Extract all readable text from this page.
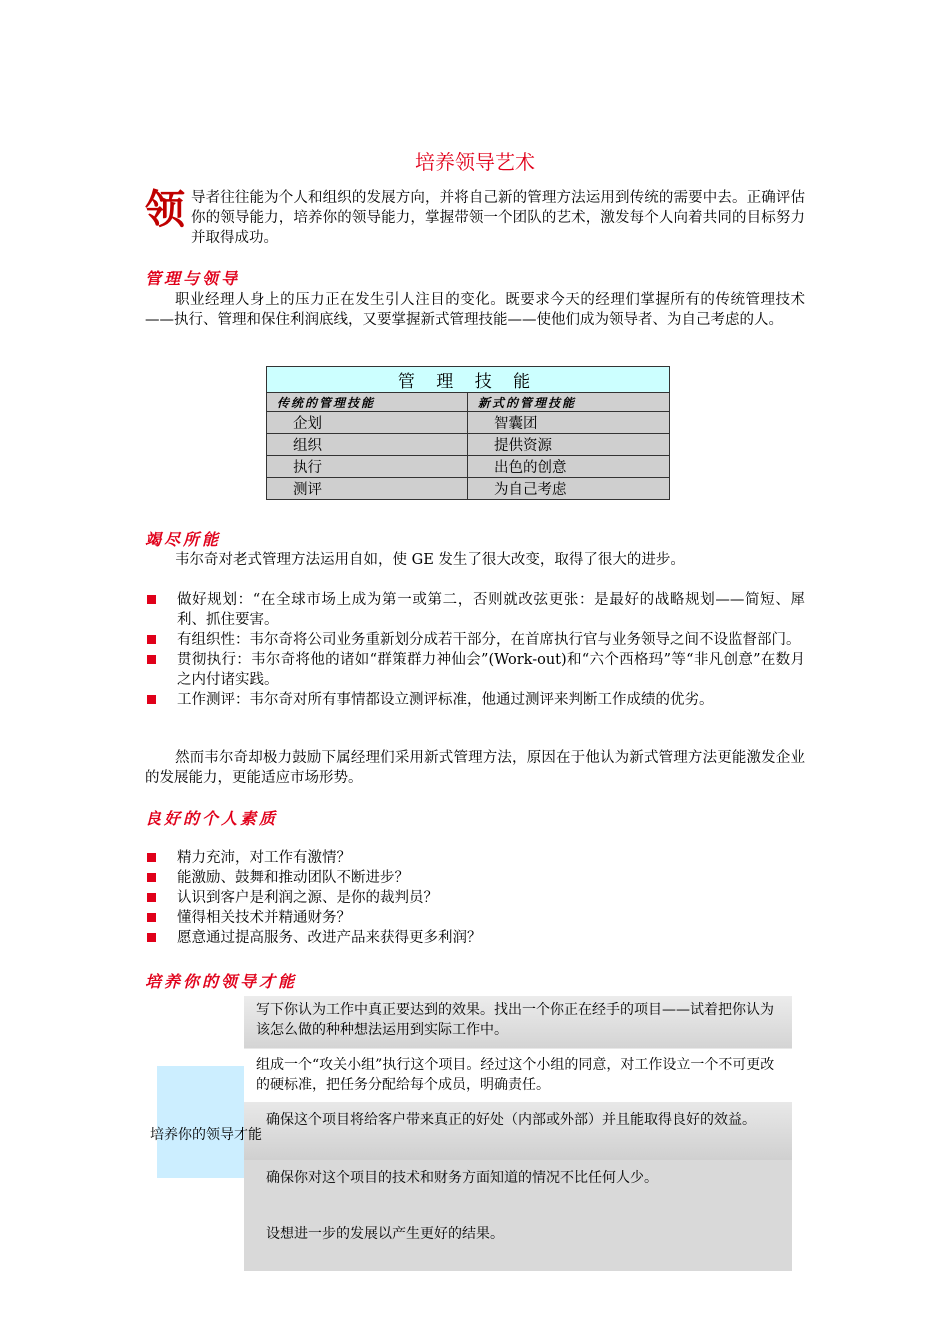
培养领导艺术
领 导者往往能为个人和组织的发展方向，并将自己新的管理方法运用到传统的需要中去。正确评估你的领导能力，培养你的领导能力，掌握带领一个团队的艺术，激发每个人向着共同的目标努力并取得成功。
管理与领导
职业经理人身上的压力正在发生引人注目的变化。既要求今天的经理们掌握所有的传统管理技术——执行、管理和保住利润底线，又要掌握新式管理技能——使他们成为领导者、为自己考虑的人。
管 理 技 能	
传统的管理技能	新式的管理技能
企划	智囊团
组织	提供资源
执行	出色的创意
测评	为自己考虑
竭尽所能
韦尔奇对老式管理方法运用自如，使 GE 发生了很大改变，取得了很大的进步。
做好规划：“在全球市场上成为第一或第二，否则就改弦更张：是最好的战略规划——简短、犀利、抓住要害。
有组织性：韦尔奇将公司业务重新划分成若干部分，在首席执行官与业务领导之间不设监督部门。
贯彻执行：韦尔奇将他的诸如“群策群力神仙会”(Work-out)和“六个西格玛”等“非凡创意”在数月之内付诸实践。
工作测评：韦尔奇对所有事情都设立测评标准，他通过测评来判断工作成绩的优劣。
然而韦尔奇却极力鼓励下属经理们采用新式管理方法，原因在于他认为新式管理方法更能激发企业的发展能力，更能适应市场形势。
良好的个人素质
精力充沛，对工作有激情？
能激励、鼓舞和推动团队不断进步？
认识到客户是利润之源、是你的裁判员？
懂得相关技术并精通财务？
愿意通过提高服务、改进产品来获得更多利润？
培养你的领导才能
写下你认为工作中真正要达到的效果。找出一个你正在经手的项目——试着把你认为该怎么做的种种想法运用到实际工作中。
组成一个“攻关小组”执行这个项目。经过这个小组的同意，对工作设立一个不可更改的硬标准，把任务分配给每个成员，明确责任。
确保这个项目将给客户带来真正的好处（内部或外部）并且能取得良好的效益。
确保你对这个项目的技术和财务方面知道的情况不比任何人少。
设想进一步的发展以产生更好的结果。
培养你的领导才能
